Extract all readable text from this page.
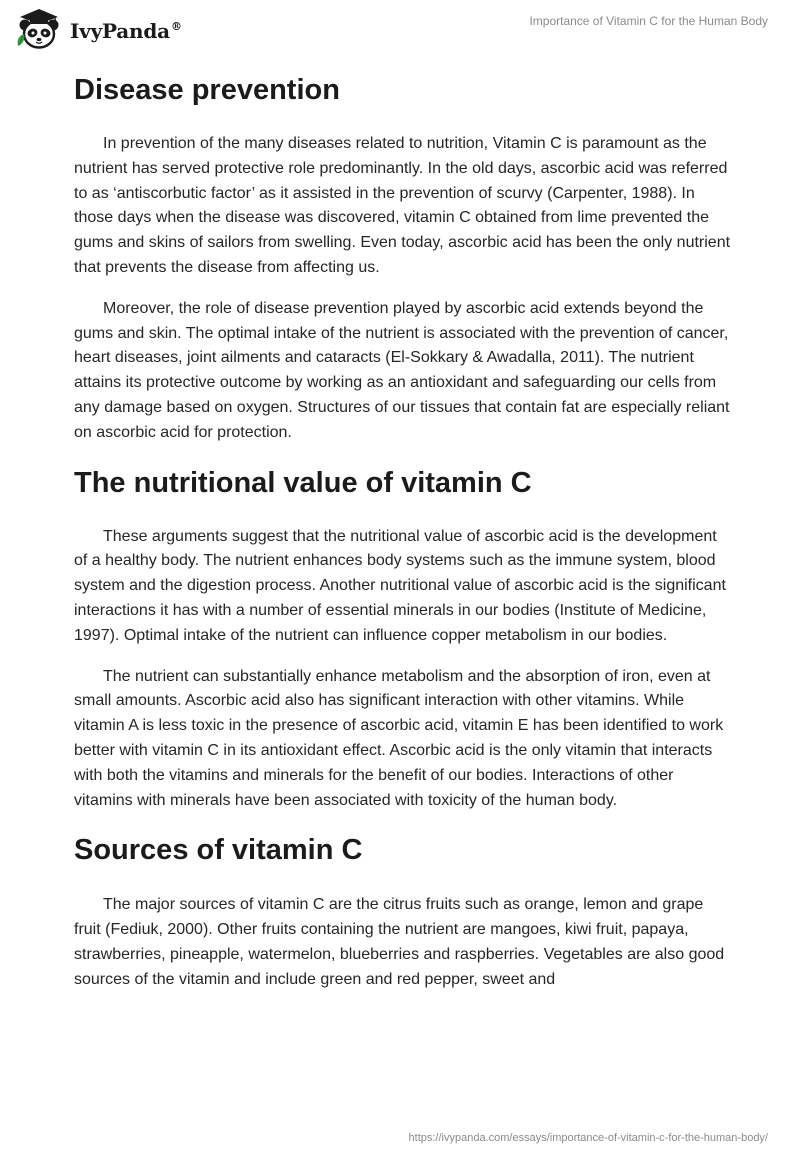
IvyPanda®	Importance of Vitamin C for the Human Body
Disease prevention

In prevention of the many diseases related to nutrition, Vitamin C is paramount as the nutrient has served protective role predominantly. In the old days, ascorbic acid was referred to as ‘antiscorbutic factor’ as it assisted in the prevention of scurvy (Carpenter, 1988). In those days when the disease was discovered, vitamin C obtained from lime prevented the gums and skins of sailors from swelling. Even today, ascorbic acid has been the only nutrient that prevents the disease from affecting us.

Moreover, the role of disease prevention played by ascorbic acid extends beyond the gums and skin. The optimal intake of the nutrient is associated with the prevention of cancer, heart diseases, joint ailments and cataracts (El-Sokkary & Awadalla, 2011). The nutrient attains its protective outcome by working as an antioxidant and safeguarding our cells from any damage based on oxygen. Structures of our tissues that contain fat are especially reliant on ascorbic acid for protection.

The nutritional value of vitamin C

These arguments suggest that the nutritional value of ascorbic acid is the development of a healthy body. The nutrient enhances body systems such as the immune system, blood system and the digestion process. Another nutritional value of ascorbic acid is the significant interactions it has with a number of essential minerals in our bodies (Institute of Medicine, 1997). Optimal intake of the nutrient can influence copper metabolism in our bodies.

The nutrient can substantially enhance metabolism and the absorption of iron, even at small amounts. Ascorbic acid also has significant interaction with other vitamins. While vitamin A is less toxic in the presence of ascorbic acid, vitamin E has been identified to work better with vitamin C in its antioxidant effect. Ascorbic acid is the only vitamin that interacts with both the vitamins and minerals for the benefit of our bodies. Interactions of other vitamins with minerals have been associated with toxicity of the human body.

Sources of vitamin C

The major sources of vitamin C are the citrus fruits such as orange, lemon and grape fruit (Fediuk, 2000). Other fruits containing the nutrient are mangoes, kiwi fruit, papaya, strawberries, pineapple, watermelon, blueberries and raspberries. Vegetables are also good sources of the vitamin and include green and red pepper, sweet and

https://ivypanda.com/essays/importance-of-vitamin-c-for-the-human-body/
